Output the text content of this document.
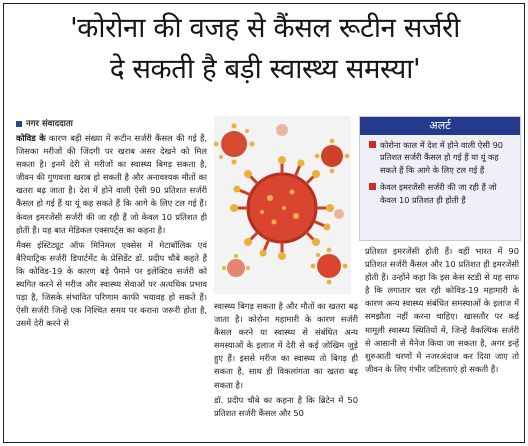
'कोरोना की वजह से कैंसल रूटीन सर्जरी
दे सकती है बड़ी स्वास्थ्य समस्या'
नगर संवाददाता

कोविड के कारण बड़ी संख्या में रूटीन सर्जरी कैंसल की गई हैं, जिसका मरीजों की जिंदगी पर खराब असर देखने को मिल सकता है। इनमें देरी से मरीजों का स्वास्थ्य बिगड़ सकता है, जीवन की गुणवत्ता खराब हो सकती है और अनावश्यक मौतों का खतरा बढ़ जाता है। देश में होने वाली ऐसी 90 प्रतिशत सर्जरी कैंसल हो गई हैं या यूं कह सकते हैं कि आगे के लिए टल गई हैं। केवल इमरजेंसी सर्जरी की जा रही हैं जो केवल 10 प्रतिशत ही होती हैं। यह बात मेडिकल एक्सपर्ट्स का कहना है।

मैक्स इंस्टिट्यूट ऑफ मिनिमल एक्सेस में मेटाबॉलिक एवं बैरियाट्रिक सर्जरी डिपार्टमेंट के प्रेसिडेंट डॉ. प्रदीप चौबे कहते हैं कि कोविड-19 के कारण बड़े पैमाने पर इलेक्टिव सर्जरी को स्थगित करने से मरीज और स्वास्थ्य सेवाओं पर अत्यधिक प्रभाव पड़ा है, जिसके संभावित परिणाम काफी भयावह हो सकते हैं। ऐसी सर्जरी जिन्हें एक निश्चित समय पर कराना जरूरी होता है, उसमें देरी करने से

अलर्ट
कोरोना काल में देश में होने वाली ऐसी 90 प्रतिशत सर्जरी कैंसल हो गई हैं या यूं कह सकते हैं कि आगे के लिए टल गई हैं
केवल इमरजेंसी सर्जरी की जा रही हैं जो केवल 10 प्रतिशत ही होती हैं

स्वास्थ्य बिगड़ सकता है और मौतों का खतरा बढ़ जाता है। कोरोना महामारी के कारण सर्जरी कैंसल करने या स्वास्थ्य से संबंधित अन्य समस्याओं के इलाज में देरी से कई जोखिम जुड़े हुए हैं। इससे मरीज का स्वास्थ्य तो बिगड़ ही सकता है, साथ ही विकलांगता का खतरा बढ़ सकता है।

डॉ. प्रदीप चौबे का कहना है कि ब्रिटेन में 50 प्रतिशत सर्जरी कैंसल और 50

प्रतिशत इमरजेंसी होती हैं। वहीं भारत में 90 प्रतिशत सर्जरी कैंसल और 10 प्रतिशत ही इमरजेंसी होती हैं। उन्होंने कहा कि इस केस स्टडी से यह साफ है कि लगातार चल रही कोविड-19 महामारी के कारण अन्य स्वास्थ्य संबंधित समस्याओं के इलाज में समझौता नहीं करना चाहिए। खासतौर पर कई मामूली स्वास्थ्य स्थितियों में, जिन्हें वैकल्पिक सर्जरी से आसानी से मैनेज किया जा सकता है, अगर इन्हें शुरुआती चरणों में नजरअंदाज कर दिया जाए तो जीवन के लिए गंभीर जटिलताएं हो सकती हैं।
